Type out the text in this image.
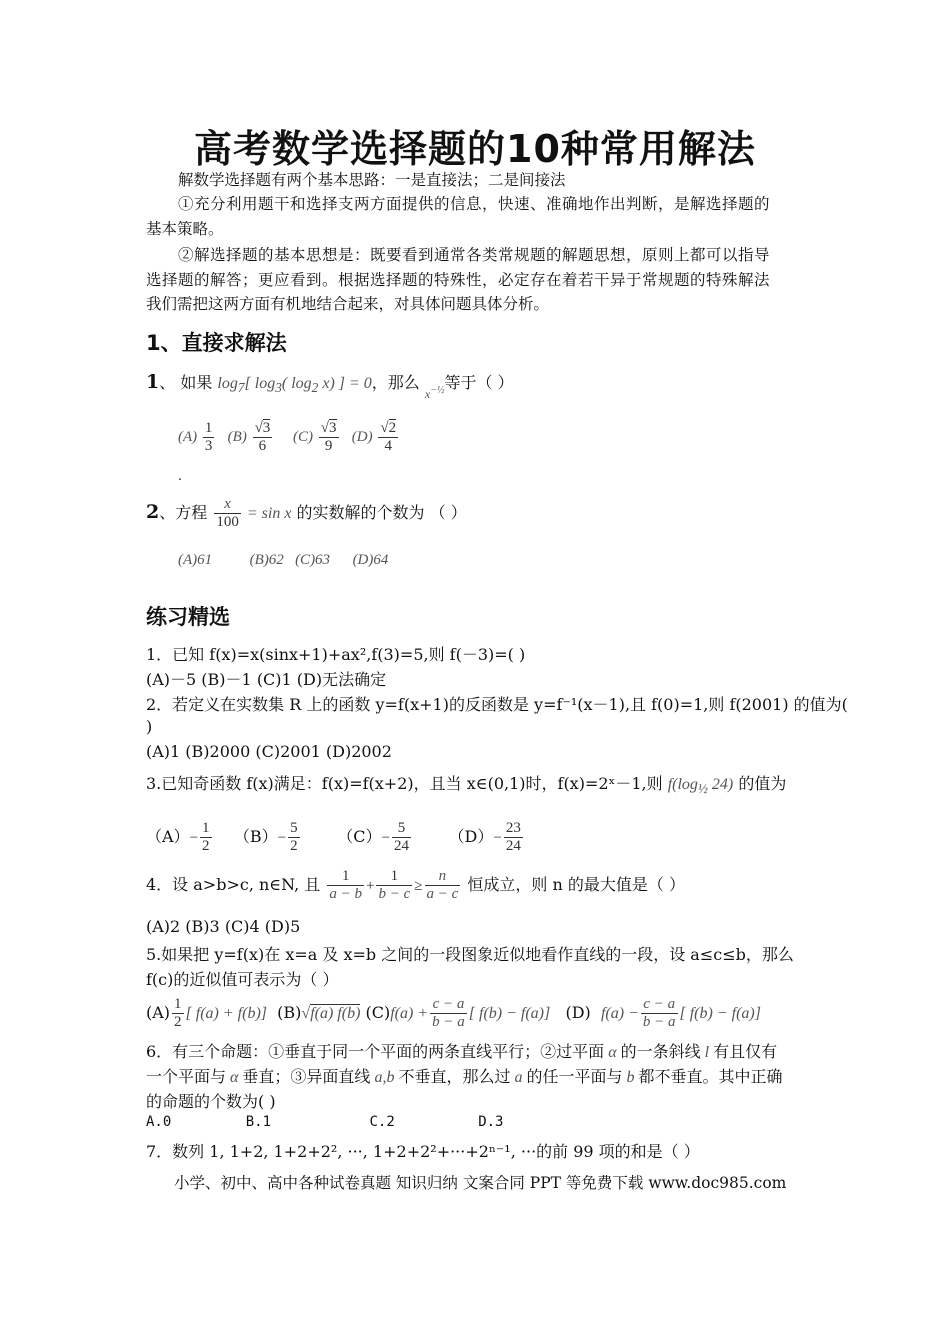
高考数学选择题的10种常用解法
解数学选择题有两个基本思路：一是直接法；二是间接法
①充分利用题干和选择支两方面提供的信息，快速、准确地作出判断，是解选择题的
基本策略。
②解选择题的基本思想是：既要看到通常各类常规题的解题思想，原则上都可以指导
选择题的解答；更应看到。根据选择题的特殊性，必定存在着若干异于常规题的特殊解法
我们需把这两方面有机地结合起来，对具体问题具体分析。
1、直接求解法
1、 如果 $\log_7$[ $\log_3$( $\log_2 x$) ] = 0，那么 $_{x^{-\frac{1}{2}}}$等于（ ）
$(A) \frac{1}{3} (B) \frac{√3}{6} (C) \frac{√3}{9} (D) \frac{√2}{4}$
.
2、方程 $\frac{x}{100} = \sin x$ 的实数解的个数为 （ ）
(A)61	(B)62 (C)63 (D)64
练习精选
1．已知 f(x)=x(sinx+1)+ax²,f(3)=5,则 f(－3)=( )
(A)－5 (B)－1 (C)1 (D)无法确定
2．若定义在实数集 R 上的函数 y=f(x+1)的反函数是 y=f⁻¹(x－1),且 f(0)=1,则 f(2001) 的值为(
)
(A)1 (B)2000 (C)2001 (D)2002
3.已知奇函数 f(x)满足：f(x)=f(x+2)，且当 x∈(0,1)时，f(x)=2ˣ－1,则 $f(\log_{\frac{1}{2}}$ 24) 的值为
$(A)- \frac{1}{2} (B)- \frac{5}{2} (C)- \frac{5}{24} (D)- \frac{23}{24}$
4．设 a>b>c, n∈N, 且 $\frac{1}{a - b} + \frac{1}{b - c} \ge \frac{n}{a - c}$ 恒成立，则 n 的最大值是（ ）
(A)2 (B)3 (C)4 (D)5
5.如果把 y=f(x)在 x=a 及 x=b 之间的一段图象近似地看作直线的一段，设 a≤c≤b，那么
f(c)的近似值可表示为（ ）
$(A) \frac{1}{2}$ [ f(a) + f(b)] (B)√f(a) f(b) $(C)f(a) + \frac{c - a}{b - a}$ [ f(b) − f(a)] (D) $f(a) - \frac{c - a}{b - a}$ [ f(b) − f(a)]
6．有三个命题：①垂直于同一个平面的两条直线平行；②过平面 α 的一条斜线 l 有且仅有
一个平面与 α 垂直；③异面直线 a,b 不垂直，那么过 a 的任一平面与 b 都不垂直。其中正确
的命题的个数为( )
A.0	B.1	C.2	D.3
7．数列 1, 1+2, 1+2+2², ···, 1+2+2²+···+2ⁿ⁻¹, ···的前 99 项的和是（ ）
小学、初中、高中各种试卷真题 知识归纳 文案合同 PPT 等免费下载 www.doc985.com
